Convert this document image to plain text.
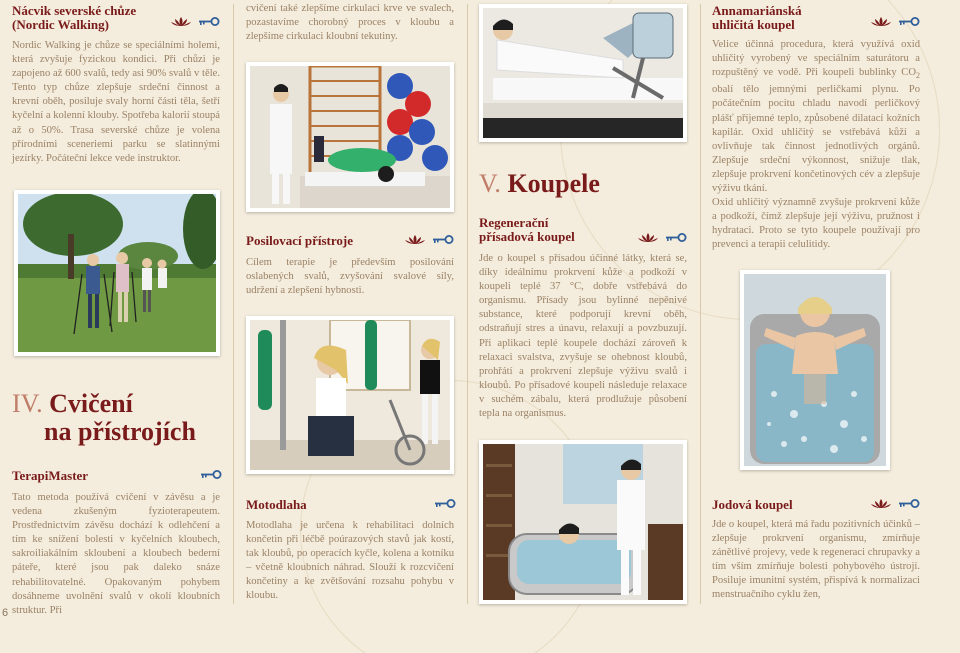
Nácvik severské chůze
(Nordic Walking)
Nordic Walking je chůze se speciálními holemi, která zvyšuje fyzickou kondici. Při chůzi je zapojeno až 600 svalů, tedy asi 90% svalů v těle. Tento typ chůze zlepšuje srdeční činnost a krevní oběh, posiluje svaly horní části těla, šetří kyčelní a kolenní klouby. Spotřeba kalorií stoupá až o 50%. Trasa severské chůze je volena přírodními sceneriemi parku se slatinnými jezírky. Počáteční lekce vede instruktor.
IV. Cvičení
na přístrojích
TerapiMaster
Tato metoda používá cvičení v závěsu a je vedena zkušeným fyzioterapeutem. Prostřednictvím závěsu dochází k odlehčení a tím ke snížení bolesti v kyčelních kloubech, sakroiliakálním skloubení a kloubech bederní páteře, které jsou pak daleko snáze rehabilitovatelné. Opakovaným pohybem dosáhneme uvolnění svalů v okolí kloubních struktur. Při
cvičení také zlepšíme cirkulaci krve ve svalech, pozastavíme chorobný proces v kloubu a zlepšíme cirkulaci kloubní tekutiny.
Posilovací přístroje
Cílem terapie je především posilování oslabených svalů, zvyšování svalové síly, udržení a zlepšení hybnosti.
Motodlaha
Motodlaha je určena k rehabilitaci dolních končetin při léčbě poúrazových stavů jak kostí, tak kloubů, po operacích kyčle, kolena a kotníku – včetně kloubních náhrad. Slouží k rozcvičení končetiny a ke zvětšování rozsahu pohybu v kloubu.
V. Koupele
Regenerační
přísadová koupel
Jde o koupel s přísadou účinné látky, která se, díky ideálnímu prokrvení kůže a podkoží v koupeli teplé 37 °C, dobře vstřebává do organismu. Přísady jsou bylinné nepěnivé substance, které podporují krevní oběh, odstraňují stres a únavu, relaxují a povzbuzují. Při aplikaci teplé koupele dochází zároveň k relaxaci svalstva, zvyšuje se ohebnost kloubů, prohřátí a prokrvení zlepšuje výživu svalů i kloubů. Po přísadové koupeli následuje relaxace v suchém zábalu, která prodlužuje působení tepla na organismus.
Annamariánská
uhličitá koupel
Velice účinná procedura, která využívá oxid uhličitý vyrobený ve speciálním saturátoru a rozpuštěný ve vodě. Při koupeli bublinky $CO_2$ obalí tělo jemnými perličkami plynu. Po počátečním pocitu chladu navodí perličkový plášť příjemné teplo, způsobené dilatací kožních kapilár. Oxid uhličitý se vstřebává kůží a ovlivňuje tak činnost jednotlivých orgánů. Zlepšuje srdeční výkonnost, snižuje tlak, zlepšuje prokrvení končetinových cév a zlepšuje výživu tkání.
Oxid uhličitý významně zvyšuje prokrvení kůže a podkoží, čímž zlepšuje její výživu, pružnost i hydrataci. Proto se tyto koupele používají pro prevenci a terapii celulitidy.
Jodová koupel
Jde o koupel, která má řadu pozitivních účinků – zlepšuje prokrvení organismu, zmírňuje zánětlivé projevy, vede k regeneraci chrupavky a tím vším zmírňuje bolesti pohybového ústrojí. Posiluje imunitní systém, přispívá k normalizaci menstruačního cyklu žen,
6
